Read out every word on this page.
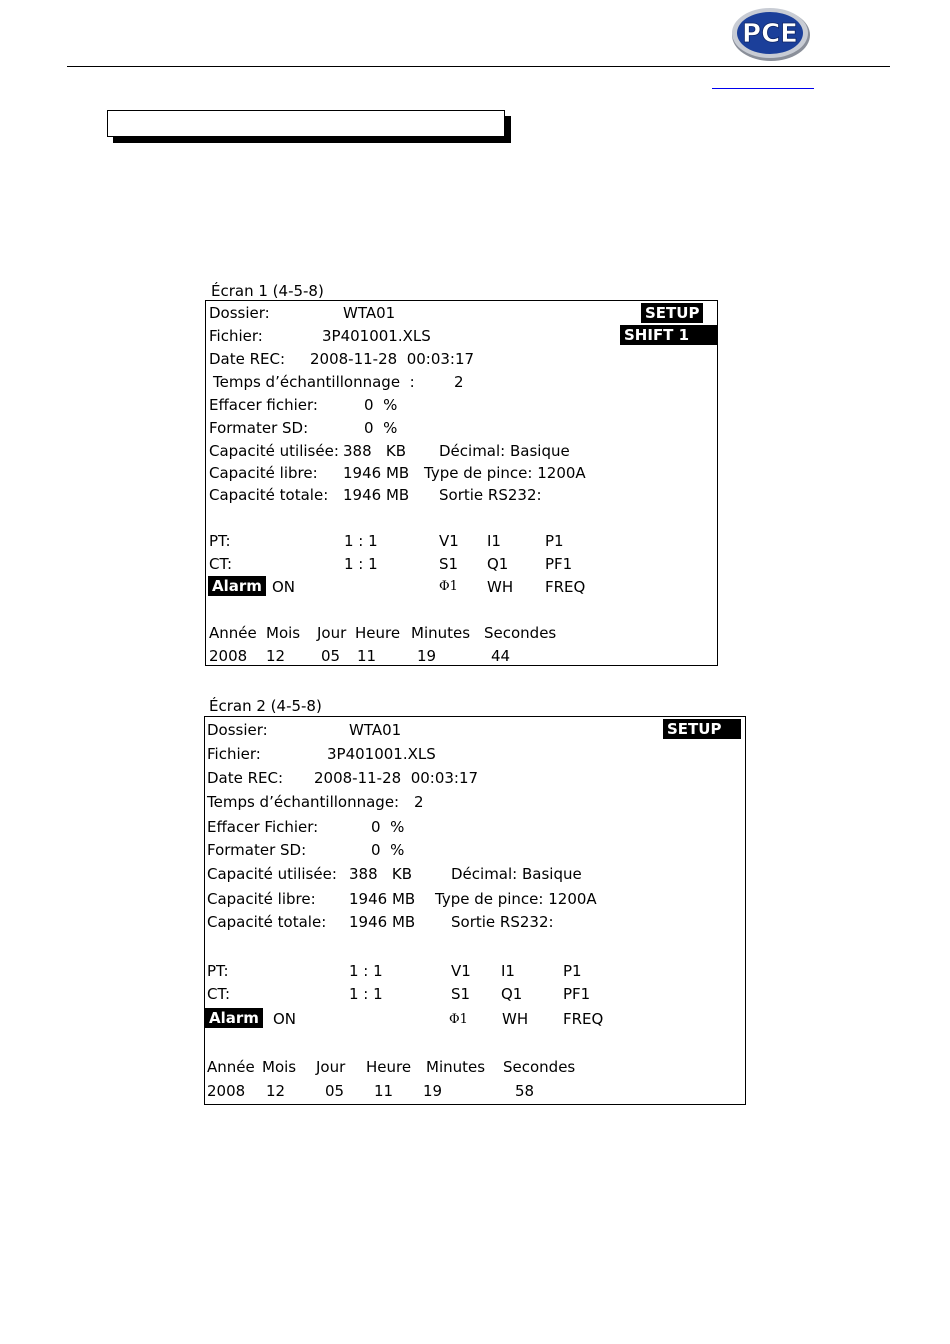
PCE
Écran 1 (4-5-8)
SETUP
SHIFT 1
Dossier:	WTA01
Fichier:	3P401001.XLS
Date REC: 2008-11-28  00:03:17
Temps d’échantillonnage  :	2
Effacer fichier:	0  %
Formater SD:	0  %
Capacité utilisée: 388   KB Décimal: Basique
Capacité libre: 1946 MB Type de pince: 1200A
Capacité totale: 1946 MB Sortie RS232:
PT:	1 : 1	V1 I1	P1
CT:	1 : 1	S1 Q1 PF1
Alarm ON	Φ1 WH FREQ
Année Mois Jour Heure Minutes Secondes
2008 12 05 11	19	44
Écran 2 (4-5-8)
SETUP
Dossier:	WTA01
Fichier:	3P401001.XLS
Date REC: 2008-11-28  00:03:17
Temps d’échantillonnage: 2
Effacer Fichier:	0  %
Formater SD:	0  %
Capacité utilisée: 388   KB	Décimal: Basique
Capacité libre: 1946 MB Type de pince: 1200A
Capacité totale: 1946 MB Sortie RS232:
PT:	1 : 1	V1 I1	P1
CT:	1 : 1	S1 Q1	PF1
Alarm ON	Φ1 WH FREQ
Année Mois Jour Heure Minutes Secondes
2008 12	05 11 19	58
